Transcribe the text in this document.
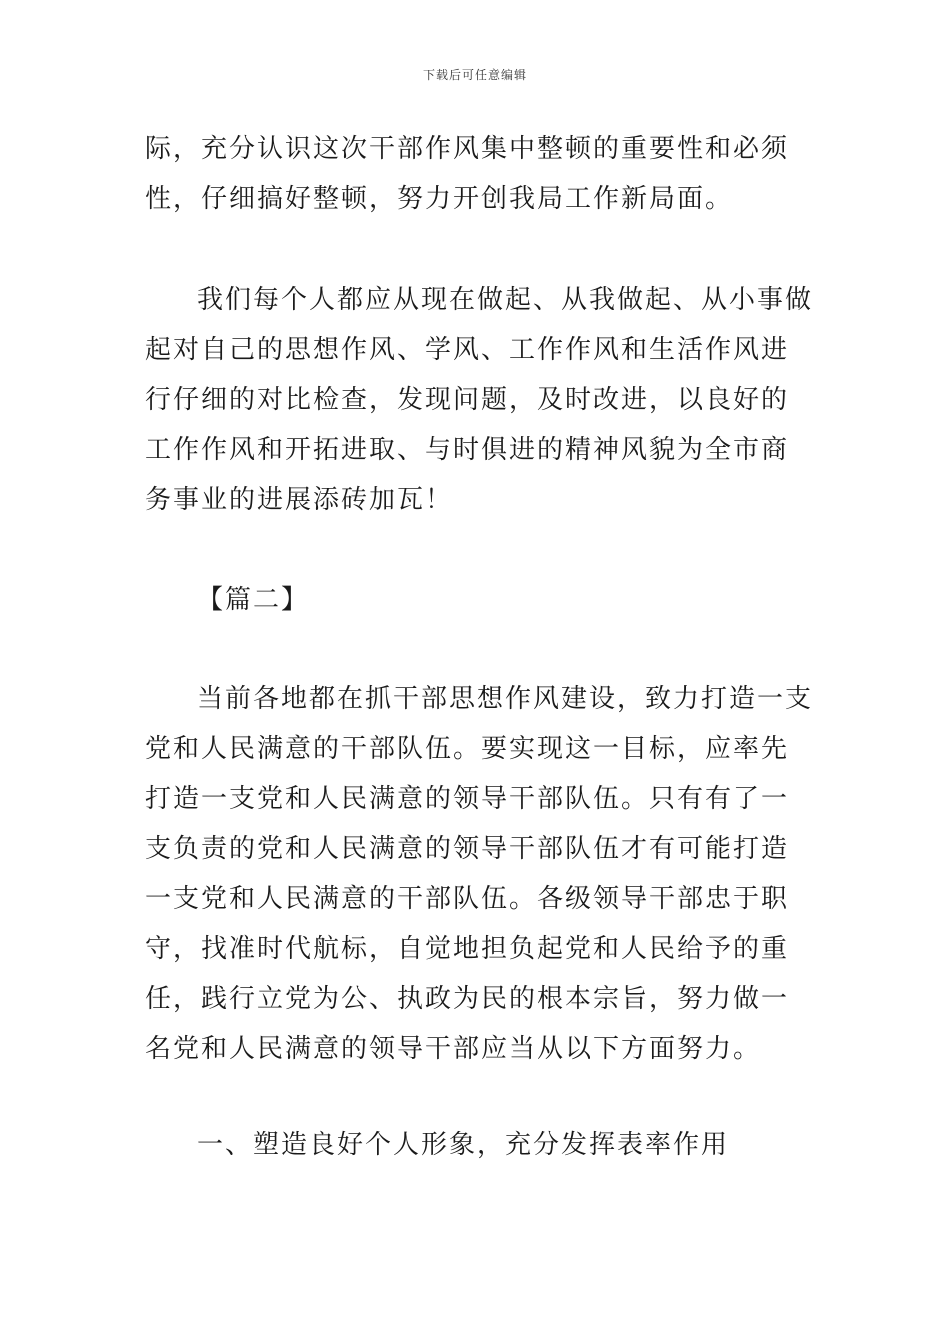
下载后可任意编辑

际，充分认识这次干部作风集中整顿的重要性和必须性，仔细搞好整顿，努力开创我局工作新局面。

我们每个人都应从现在做起、从我做起、从小事做起对自己的思想作风、学风、工作作风和生活作风进行仔细的对比检查，发现问题，及时改进，以良好的工作作风和开拓进取、与时俱进的精神风貌为全市商务事业的进展添砖加瓦！

【篇二】

当前各地都在抓干部思想作风建设，致力打造一支党和人民满意的干部队伍。要实现这一目标，应率先打造一支党和人民满意的领导干部队伍。只有有了一支负责的党和人民满意的领导干部队伍才有可能打造一支党和人民满意的干部队伍。各级领导干部忠于职守，找准时代航标，自觉地担负起党和人民给予的重任，践行立党为公、执政为民的根本宗旨，努力做一名党和人民满意的领导干部应当从以下方面努力。

一、塑造良好个人形象，充分发挥表率作用
